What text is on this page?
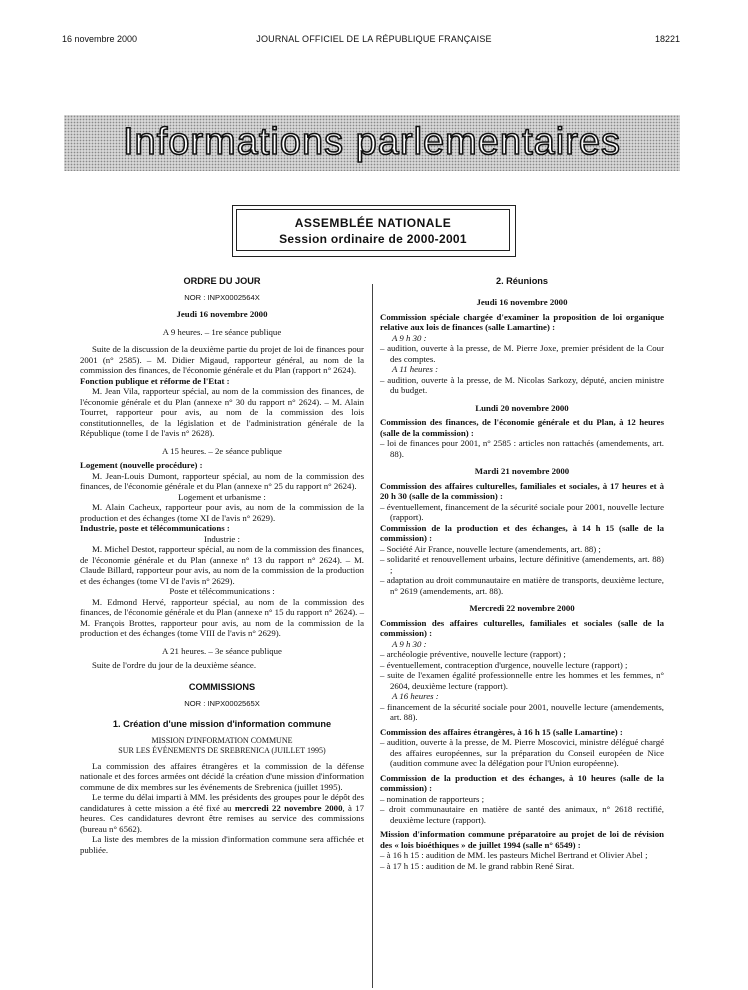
16 novembre 2000	JOURNAL OFFICIEL DE LA RÉPUBLIQUE FRANÇAISE	18221
Informations parlementaires
ASSEMBLÉE NATIONALE
Session ordinaire de 2000-2001
ORDRE DU JOUR
NOR : INPX0002564X

Jeudi 16 novembre 2000

A 9 heures. – 1re séance publique

Suite de la discussion de la deuxième partie du projet de loi de finances pour 2001 (n° 2585). – M. Didier Migaud, rapporteur général, au nom de la commission des finances, de l'économie générale et du Plan (rapport n° 2624).

Fonction publique et réforme de l'Etat :

M. Jean Vila, rapporteur spécial, au nom de la commission des finances, de l'économie générale et du Plan (annexe n° 30 du rapport n° 2624). – M. Alain Tourret, rapporteur pour avis, au nom de la commission des lois constitutionnelles, de la législation et de l'administration générale de la République (tome I de l'avis n° 2628).

A 15 heures. – 2e séance publique

Logement (nouvelle procédure) :

M. Jean-Louis Dumont, rapporteur spécial, au nom de la commission des finances, de l'économie générale et du Plan (annexe n° 25 du rapport n° 2624).

Logement et urbanisme :

M. Alain Cacheux, rapporteur pour avis, au nom de la commission de la production et des échanges (tome XI de l'avis n° 2629).

Industrie, poste et télécommunications :

Industrie :

M. Michel Destot, rapporteur spécial, au nom de la commission des finances, de l'économie générale et du Plan (annexe n° 13 du rapport n° 2624). – M. Claude Billard, rapporteur pour avis, au nom de la commission de la production et des échanges (tome VI de l'avis n° 2629).

Poste et télécommunications :

M. Edmond Hervé, rapporteur spécial, au nom de la commission des finances, de l'économie générale et du Plan (annexe n° 15 du rapport n° 2624). – M. François Brottes, rapporteur pour avis, au nom de la commission de la production et des échanges (tome VIII de l'avis n° 2629).

A 21 heures. – 3e séance publique

Suite de l'ordre du jour de la deuxième séance.

COMMISSIONS
NOR : INPX0002565X
1. Création d'une mission d'information commune

MISSION D'INFORMATION COMMUNE

SUR LES ÉVÉNEMENTS DE SREBRENICA (JUILLET 1995)

La commission des affaires étrangères et la commission de la défense nationale et des forces armées ont décidé la création d'une mission d'information commune de dix membres sur les événements de Srebrenica (juillet 1995).

Le terme du délai imparti à MM. les présidents des groupes pour le dépôt des candidatures à cette mission a été fixé au mercredi 22 novembre 2000, à 17 heures. Ces candidatures devront être remises au service des commissions (bureau n° 6562).

La liste des membres de la mission d'information commune sera affichée et publiée.

2. Réunions

Jeudi 16 novembre 2000

Commission spéciale chargée d'examiner la proposition de loi organique relative aux lois de finances (salle Lamartine) :

A 9 h 30 :

– audition, ouverte à la presse, de M. Pierre Joxe, premier président de la Cour des comptes.

A 11 heures :

– audition, ouverte à la presse, de M. Nicolas Sarkozy, député, ancien ministre du budget.

Lundi 20 novembre 2000

Commission des finances, de l'économie générale et du Plan, à 12 heures (salle de la commission) :

– loi de finances pour 2001, n° 2585 : articles non rattachés (amendements, art. 88).

Mardi 21 novembre 2000

Commission des affaires culturelles, familiales et sociales, à 17 heures et à 20 h 30 (salle de la commission) :

– éventuellement, financement de la sécurité sociale pour 2001, nouvelle lecture (rapport).

Commission de la production et des échanges, à 14 h 15 (salle de la commission) :

– Société Air France, nouvelle lecture (amendements, art. 88) ;

– solidarité et renouvellement urbains, lecture définitive (amendements, art. 88) ;

– adaptation au droit communautaire en matière de transports, deuxième lecture, n° 2619 (amendements, art. 88).

Mercredi 22 novembre 2000

Commission des affaires culturelles, familiales et sociales (salle de la commission) :

A 9 h 30 :

– archéologie préventive, nouvelle lecture (rapport) ;

– éventuellement, contraception d'urgence, nouvelle lecture (rapport) ;

– suite de l'examen égalité professionnelle entre les hommes et les femmes, n° 2604, deuxième lecture (rapport).

A 16 heures :

– financement de la sécurité sociale pour 2001, nouvelle lecture (amendements, art. 88).

Commission des affaires étrangères, à 16 h 15 (salle Lamartine) :

– audition, ouverte à la presse, de M. Pierre Moscovici, ministre délégué chargé des affaires européennes, sur la préparation du Conseil européen de Nice (audition commune avec la délégation pour l'Union européenne).

Commission de la production et des échanges, à 10 heures (salle de la commission) :

– nomination de rapporteurs ;

– droit communautaire en matière de santé des animaux, n° 2618 rectifié, deuxième lecture (rapport).

Mission d'information commune préparatoire au projet de loi de révision des « lois bioéthiques » de juillet 1994 (salle n° 6549) :

– à 16 h 15 : audition de MM. les pasteurs Michel Bertrand et Olivier Abel ;

– à 17 h 15 : audition de M. le grand rabbin René Sirat.
